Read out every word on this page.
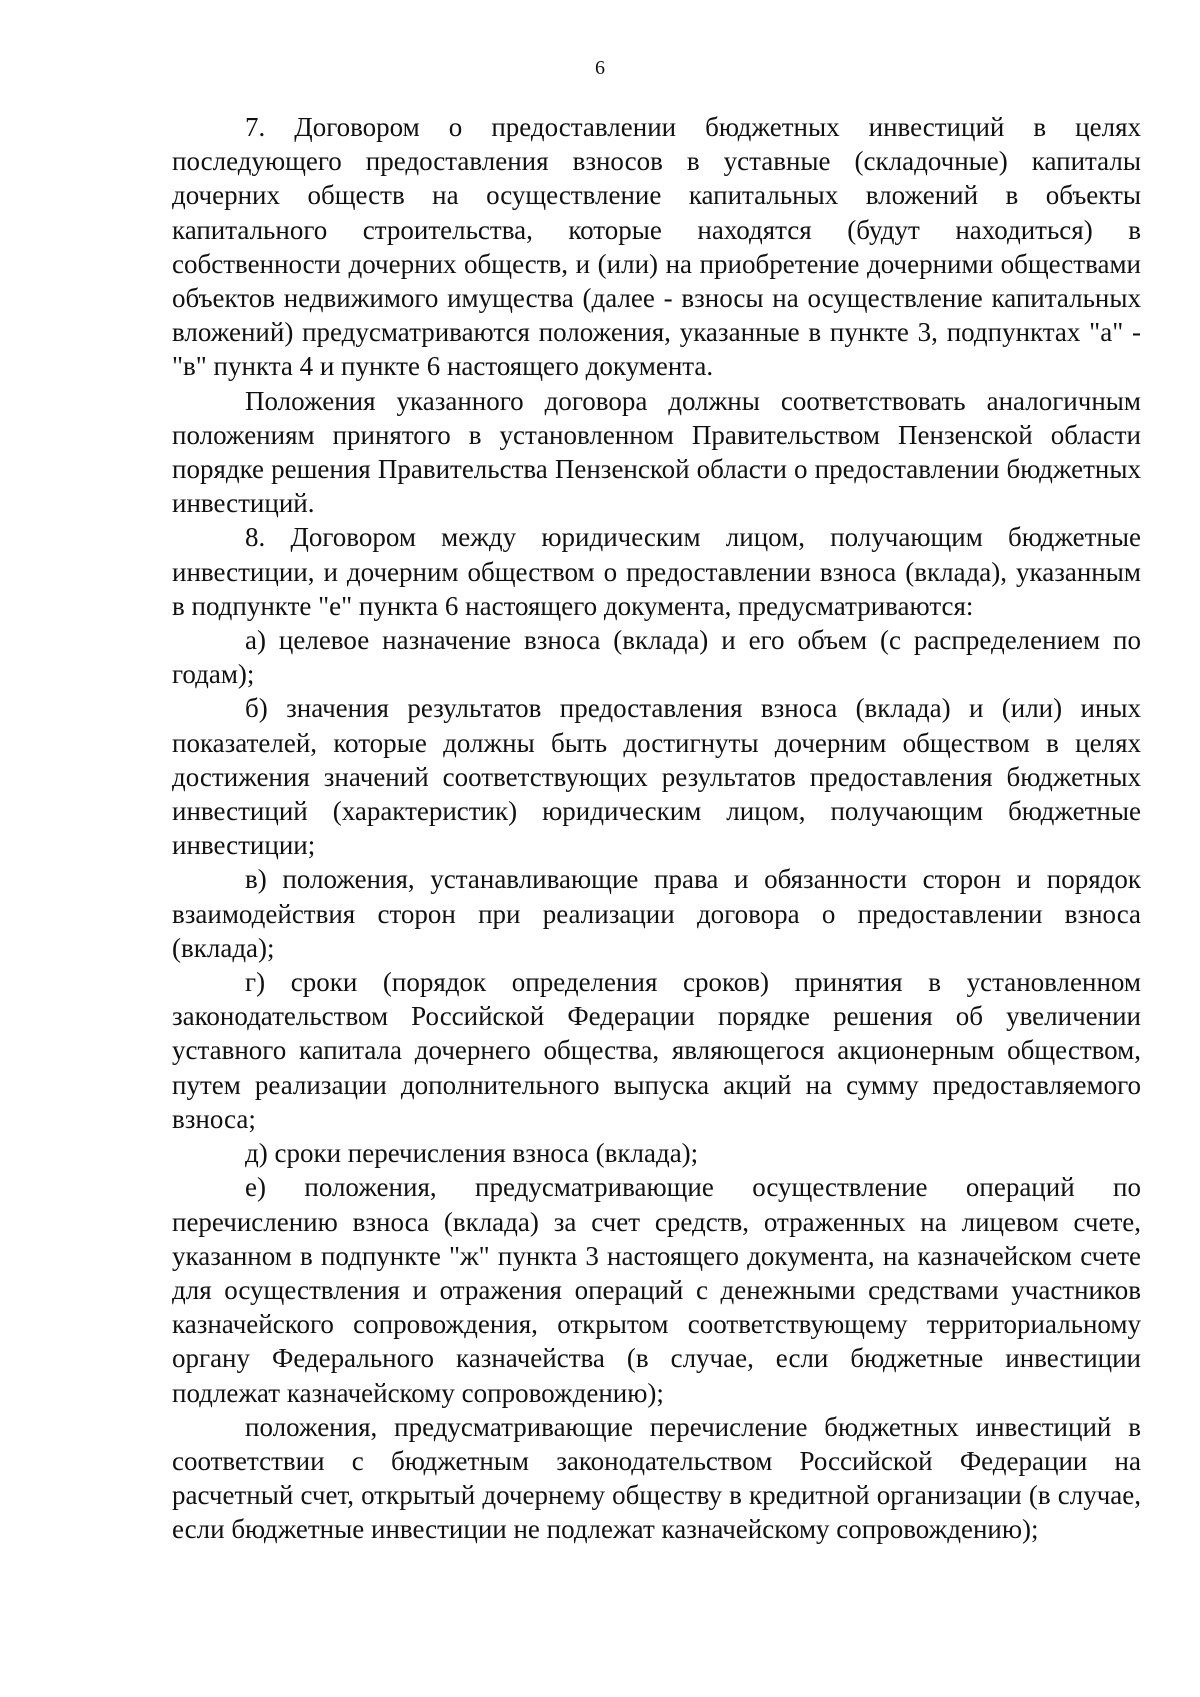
6

7. Договором о предоставлении бюджетных инвестиций в целях последующего предоставления взносов в уставные (складочные) капиталы дочерних обществ на осуществление капитальных вложений в объекты капитального строительства, которые находятся (будут находиться) в собственности дочерних обществ, и (или) на приобретение дочерними обществами объектов недвижимого имущества (далее - взносы на осуществление капитальных вложений) предусматриваются положения, указанные в пункте 3, подпунктах "а" - "в" пункта 4 и пункте 6 настоящего документа.

Положения указанного договора должны соответствовать аналогичным положениям принятого в установленном Правительством Пензенской области порядке решения Правительства Пензенской области о предоставлении бюджетных инвестиций.

8. Договором между юридическим лицом, получающим бюджетные инвестиции, и дочерним обществом о предоставлении взноса (вклада), указанным в подпункте "е" пункта 6 настоящего документа, предусматриваются:

а) целевое назначение взноса (вклада) и его объем (с распределением по годам);

б) значения результатов предоставления взноса (вклада) и (или) иных показателей, которые должны быть достигнуты дочерним обществом в целях достижения значений соответствующих результатов предоставления бюджетных инвестиций (характеристик) юридическим лицом, получающим бюджетные инвестиции;

в) положения, устанавливающие права и обязанности сторон и порядок взаимодействия сторон при реализации договора о предоставлении взноса (вклада);

г) сроки (порядок определения сроков) принятия в установленном законодательством Российской Федерации порядке решения об увеличении уставного капитала дочернего общества, являющегося акционерным обществом, путем реализации дополнительного выпуска акций на сумму предоставляемого взноса;

д) сроки перечисления взноса (вклада);

е) положения, предусматривающие осуществление операций по перечислению взноса (вклада) за счет средств, отраженных на лицевом счете, указанном в подпункте "ж" пункта 3 настоящего документа, на казначейском счете для осуществления и отражения операций с денежными средствами участников казначейского сопровождения, открытом соответствующему территориальному органу Федерального казначейства (в случае, если бюджетные инвестиции подлежат казначейскому сопровождению);

положения, предусматривающие перечисление бюджетных инвестиций в соответствии с бюджетным законодательством Российской Федерации на расчетный счет, открытый дочернему обществу в кредитной организации (в случае, если бюджетные инвестиции не подлежат казначейскому сопровождению);
